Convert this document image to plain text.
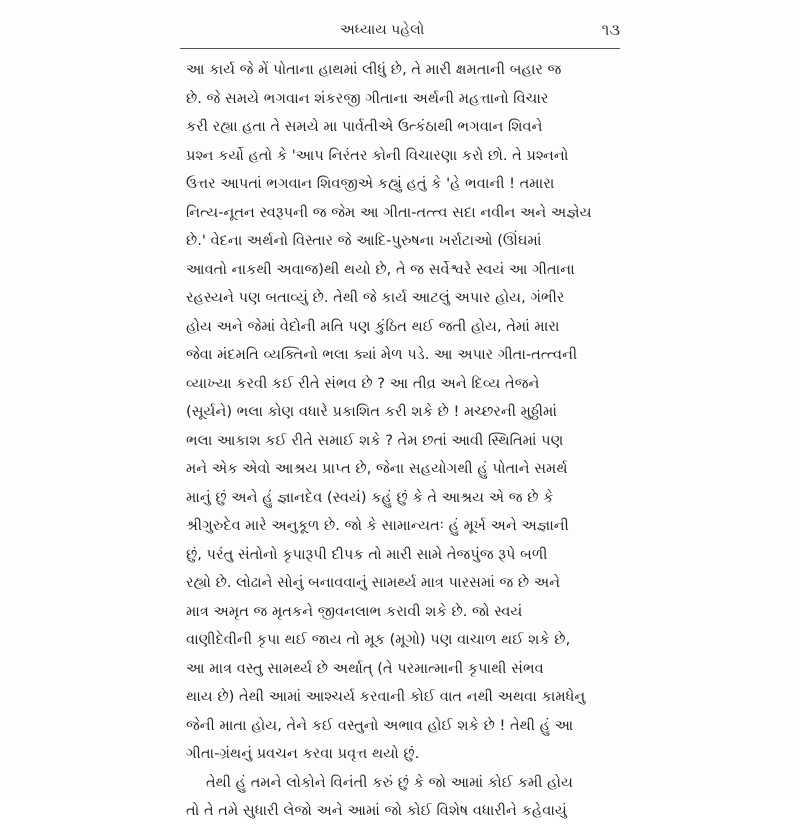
અધ્યાય પહેલો	૧૩
આ કાર્ય જે મેં પોતાના હાથમાં લીધું છે, તે મારી ક્ષમતાની બહાર જ
છે. જે સમયે ભગવાન શંકરજી ગીતાના અર્થની મહત્તાનો વિચાર
કરી રહ્યા હતા તે સમયે મા પાર્વતીએ ઉત્કંઠાથી ભગવાન શિવને
પ્રશ્ન કર્યો હતો કે 'આપ નિરંતર કોની વિચારણા કરો છો. તે પ્રશ્નનો
ઉત્તર આપતાં ભગવાન શિવજીએ કહ્યું હતું કે 'હે ભવાની ! તમારા
નિત્ય-નૂતન સ્વરૂપની જ જેમ આ ગીતા-તત્ત્વ સદા નવીન અને અજ્ઞેય
છે.' વેદના અર્થનો વિસ્તાર જે આદિ-પુરુષના ખર્રાટાઓ (ઊંઘમાં
આવતો નાકથી અવાજ)થી થયો છે, તે જ સર્વેશ્વરે સ્વયં આ ગીતાના
રહસ્યને પણ બતાવ્યું છે. તેથી જે કાર્ય આટલું અપાર હોય, ગંભીર
હોય અને જેમાં વેદોની મતિ પણ કુંઠિત થઈ જતી હોય, તેમાં મારા
જેવા મંદમતિ વ્યક્તિનો ભલા ક્યાં મેળ પડે. આ અપાર ગીતા-તત્ત્વની
વ્યાખ્યા કરવી કઈ રીતે સંભવ છે ? આ તીવ્ર અને દિવ્ય તેજને
(સૂર્યને) ભલા કોણ વધારે પ્રકાશિત કરી શકે છે ! મચ્છરની મુઠ્ઠીમાં
ભલા આકાશ કઈ રીતે સમાઈ શકે ? તેમ છતાં આવી સ્થિતિમાં પણ
મને એક એવો આશ્રય પ્રાપ્ત છે, જેના સહયોગથી હું પોતાને સમર્થ
માનું છું અને હું જ્ઞાનદેવ (સ્વયં) કહું છું કે તે આશ્રય એ જ છે કે
શ્રીગુરુદેવ મારે અનુકૂળ છે. જો કે સામાન્યતઃ હું મૂર્ખ અને અજ્ઞાની
છું, પરંતુ સંતોનો કૃપારૂપી દીપક તો મારી સામે તેજપુંજ રૂપે બળી
રહ્યો છે. લોઢાને સોનું બનાવવાનું સામર્થ્ય માત્ર પારસમાં જ છે અને
માત્ર અમૃત જ મૃતકને જીવનલાભ કરાવી શકે છે. જો સ્વયં
વાણીદેવીની કૃપા થઈ જાય તો મૂક (મૂગો) પણ વાચાળ થઈ શકે છે,
આ માત્ર વસ્તુ સામર્થ્ય છે અર્થાત્ (તે પરમાત્માની કૃપાથી સંભવ
થાય છે) તેથી આમાં આશ્ચર્ય કરવાની કોઈ વાત નથી અથવા કામધેનુ
જેની માતા હોય, તેને કઈ વસ્તુનો અભાવ હોઈ શકે છે ! તેથી હું આ
ગીતા-ગ્રંથનું પ્રવચન કરવા પ્રવૃત્ત થયો છું.
તેથી હું તમને લોકોને વિનંતી કરું છું કે જો આમાં કોઈ કમી હોય
તો તે તમે સુધારી લેજો અને આમાં જો કોઈ વિશેષ વધારીને કહેવાયું
